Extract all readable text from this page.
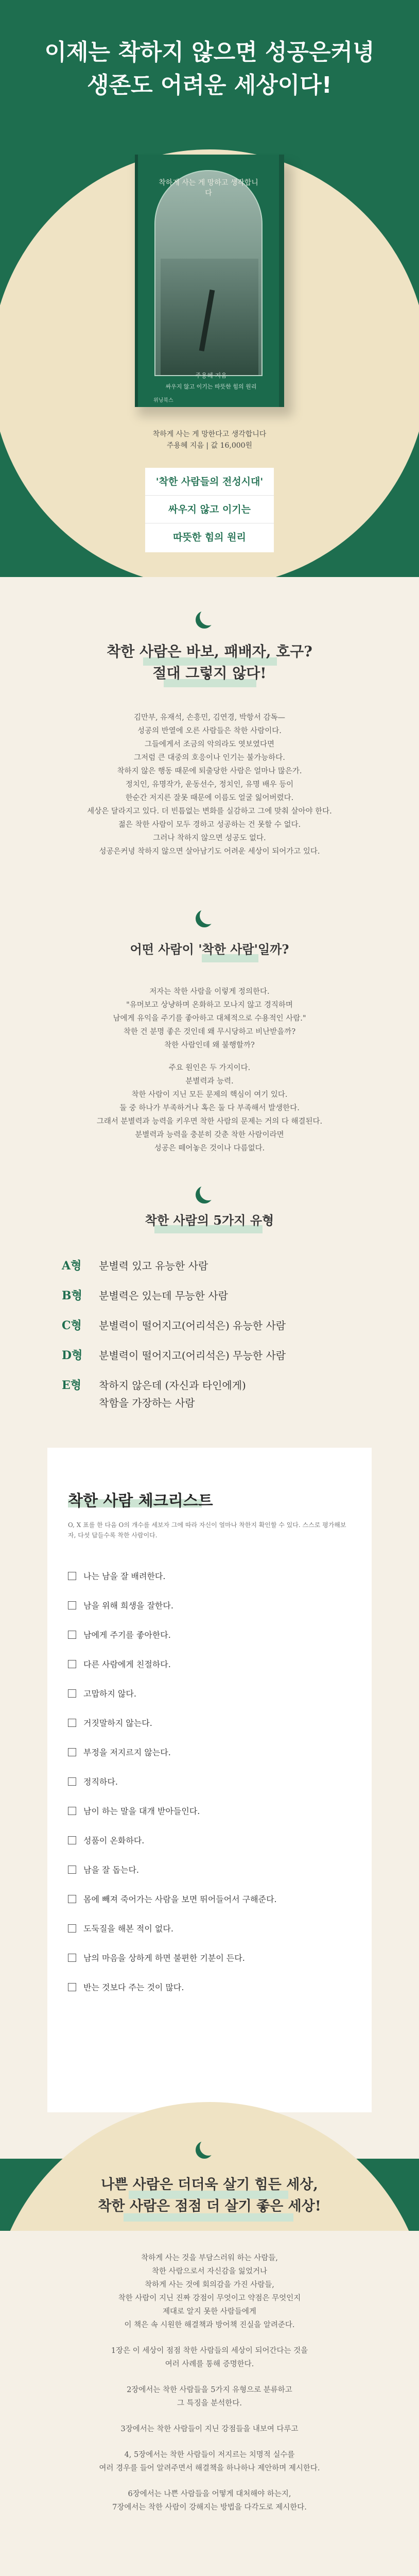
이제는 착하지 않으면 성공은커녕
생존도 어려운 세상이다!
착하게 사는 게 망하고 생각합니다
주용혜 지음
싸우지 않고 이기는 따뜻한 힘의 원리
위닝북스
착하게 사는 게 망한다고 생각합니다
주용혜 지음 | 값 16,000원
'착한 사람들의 전성시대'
싸우지 않고 이기는
따뜻한 힘의 원리
착한 사람은 바보, 패배자, 호구?
절대 그렇지 않다!
김만부, 유재석, 손흥민, 김연경, 박항서 감독—
성공의 반열에 오른 사람들은 착한 사람이다.
그들에게서 조금의 악의라도 엿보였다면
그저럼 큰 대중의 호응이나 인기는 불가능하다.
착하지 않은 행동 때문에 퇴출당한 사람은 얼마나 많은가.
정치인, 유명작가, 운동선수, 정치인, 유명 배우 등이
한순간 저지른 잘못 때문에 이름도 얼굴 잃어버렸다.
세상은 달라지고 있다. 더 빈틈없는 변화를 실감하고 그에 맞춰 살아야 한다.
젊은 착한 사람이 모두 경하고 성공하는 건 못할 수 없다.
그러나 착하지 않으면 성공도 없다.
성공은커녕 착하지 않으면 살아남기도 어려운 세상이 되어가고 있다.
어떤 사람이 '착한 사람'일까?
저자는 착한 사람을 이렇게 정의한다.
"유머보고 상냥하며 온화하고 모나지 않고 경직하며
남에게 유익을 주기를 좋아하고 대체적으로 수용적인 사람."
착한 건 분명 좋은 것인데 왜 무시당하고 비난받을까?
착한 사람인데 왜 불행할까?
주요 원인은 두 가지이다.
분별력과 능력.
착한 사람이 지닌 모든 문제의 핵심이 여기 있다.
둘 중 하나가 부족하거나 혹은 둘 다 부족해서 발생한다.
그래서 분별력과 능력을 키우면 착한 사람의 문제는 거의 다 해결된다.
분별력과 능력을 충분히 갖춘 착한 사람이라면
성공은 떼어놓은 것이나 다름없다.
착한 사람의 5가지 유형
A형	분별력 있고 유능한 사람
B형	분별력은 있는데 무능한 사람
C형	분별력이 떨어지고(어리석은) 유능한 사람
D형	분별력이 떨어지고(어리석은) 무능한 사람
E형	착하지 않은데 (자신과 타인에게)
착함을 가장하는 사람
착한 사람 체크리스트
O, X 표를 한 다음 O의 개수를 세보자 그에 따라 자신이 얼마나 착한지 확인할 수 있다. 스스로 평가해보자, 다섯 답들수록 착한 사람이다.
나는 남을 잘 배려한다.
남을 위해 희생을 잘한다.
남에게 주기를 좋아한다.
다른 사람에게 친절하다.
고맙하지 않다.
거짓말하지 않는다.
부정을 저지르지 않는다.
정직하다.
남이 하는 말을 대개 받아들인다.
성품이 온화하다.
남을 잘 돕는다.
몸에 빼져 죽어가는 사람을 보면 뛰어들어서 구해준다.
도둑질을 해본 적이 없다.
남의 마음을 상하게 하면 불편한 기분이 든다.
반는 것보다 주는 것이 많다.
나쁜 사람은 더더욱 살기 힘든 세상,
착한 사람은 점점 더 살기 좋은 세상!
착하게 사는 것을 부담스러워 하는 사람들,
착한 사람으로서 자신감을 잃었거나
착하게 사는 것에 회의감을 가진 사람들,
착한 사람이 지닌 진짜 강점이 무엇이고 약점은 무엇인지
제대로 알지 못한 사람들에게
이 책은 속 시원한 해결책과 방어책 진실을 알려준다.
1장은 이 세상이 점점 착한 사람들의 세상이 되어간다는 것을
여러 사례를 통해 증명한다.
2장에서는 착한 사람들을 5가지 유형으로 분류하고
그 특징을 분석한다.
3장에서는 착한 사람들이 지닌 강점들을 내보여 다루고
4, 5장에서는 착한 사람들이 저지르는 치명적 실수를
여러 경우를 들어 알려주면서 해결책을 하나하나 제안하며 제시한다.
6장에서는 나쁜 사람들을 어떻게 대처해야 하는지,
7장에서는 착한 사람이 강해지는 방법을 다각도로 제시한다.
